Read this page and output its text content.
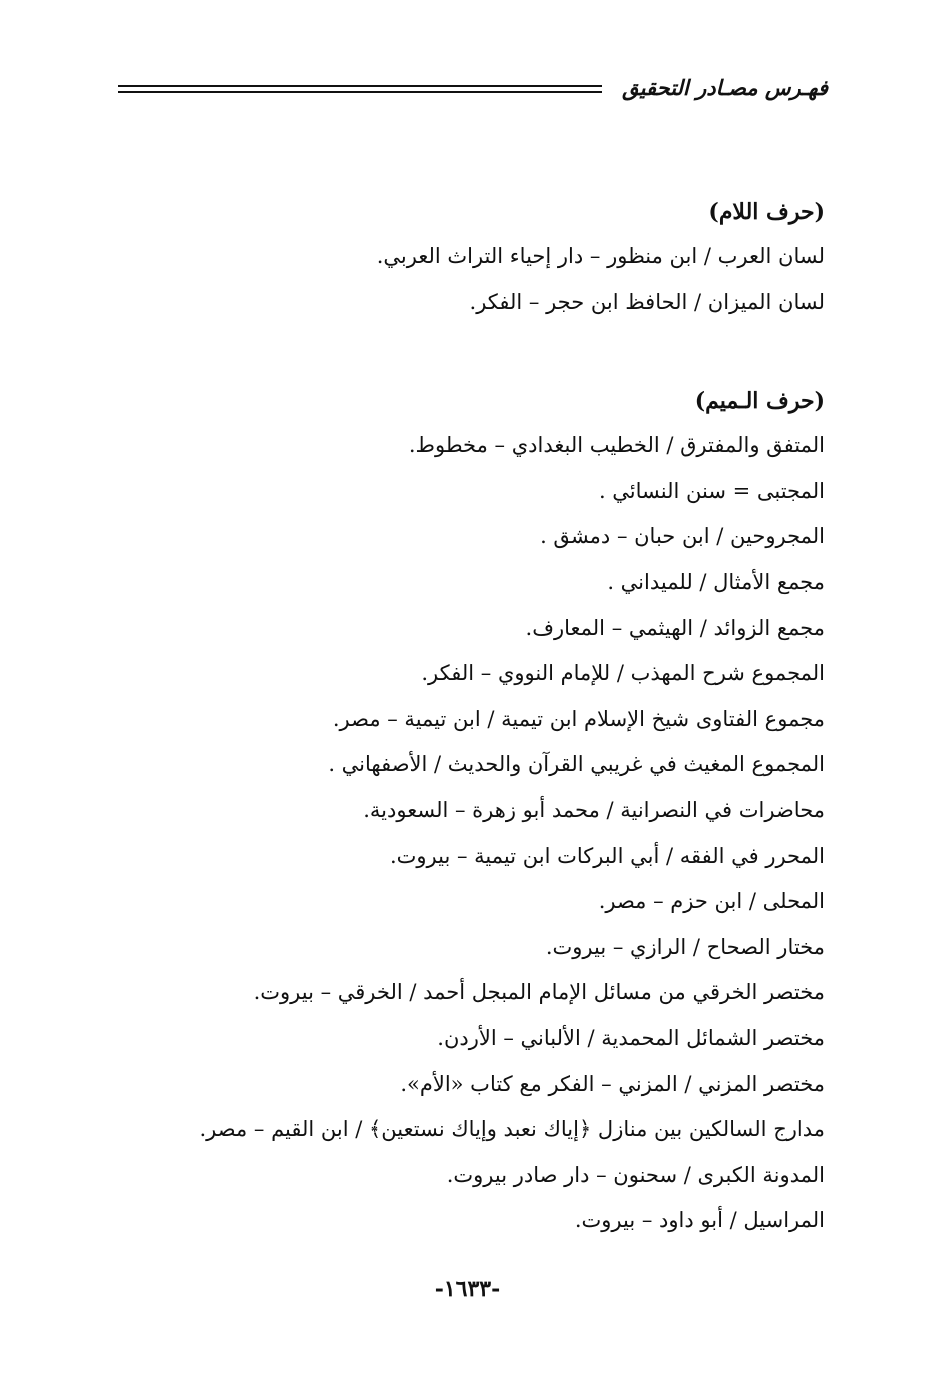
فهـرس مصـادر التحقيق
(حرف اللام)
لسان العرب / ابن منظور – دار إحياء التراث العربي.
لسان الميزان / الحافظ ابن حجر – الفكر.
(حرف الـميم)
المتفق والمفترق / الخطيب البغدادي – مخطوط.
المجتبى = سنن النسائي .
المجروحين / ابن حبان – دمشق .
مجمع الأمثال / للميداني .
مجمع الزوائد / الهيثمي – المعارف.
المجموع شرح المهذب / للإمام النووي – الفكر.
مجموع الفتاوى شيخ الإسلام ابن تيمية / ابن تيمية – مصر.
المجموع المغيث في غريبي القرآن والحديث / الأصفهاني .
محاضرات في النصرانية / محمد أبو زهرة – السعودية.
المحرر في الفقه / أبي البركات ابن تيمية – بيروت.
المحلى / ابن حزم – مصر.
مختار الصحاح / الرازي – بيروت.
مختصر الخرقي من مسائل الإمام المبجل أحمد / الخرقي – بيروت.
مختصر الشمائل المحمدية / الألباني – الأردن.
مختصر المزني / المزني – الفكر مع كتاب «الأم».
مدارج السالكين بين منازل ﴿إياك نعبد وإياك نستعين﴾ / ابن القيم – مصر.
المدونة الكبرى / سحنون – دار صادر بيروت.
المراسيل / أبو داود – بيروت.
-١٦٣٣-
